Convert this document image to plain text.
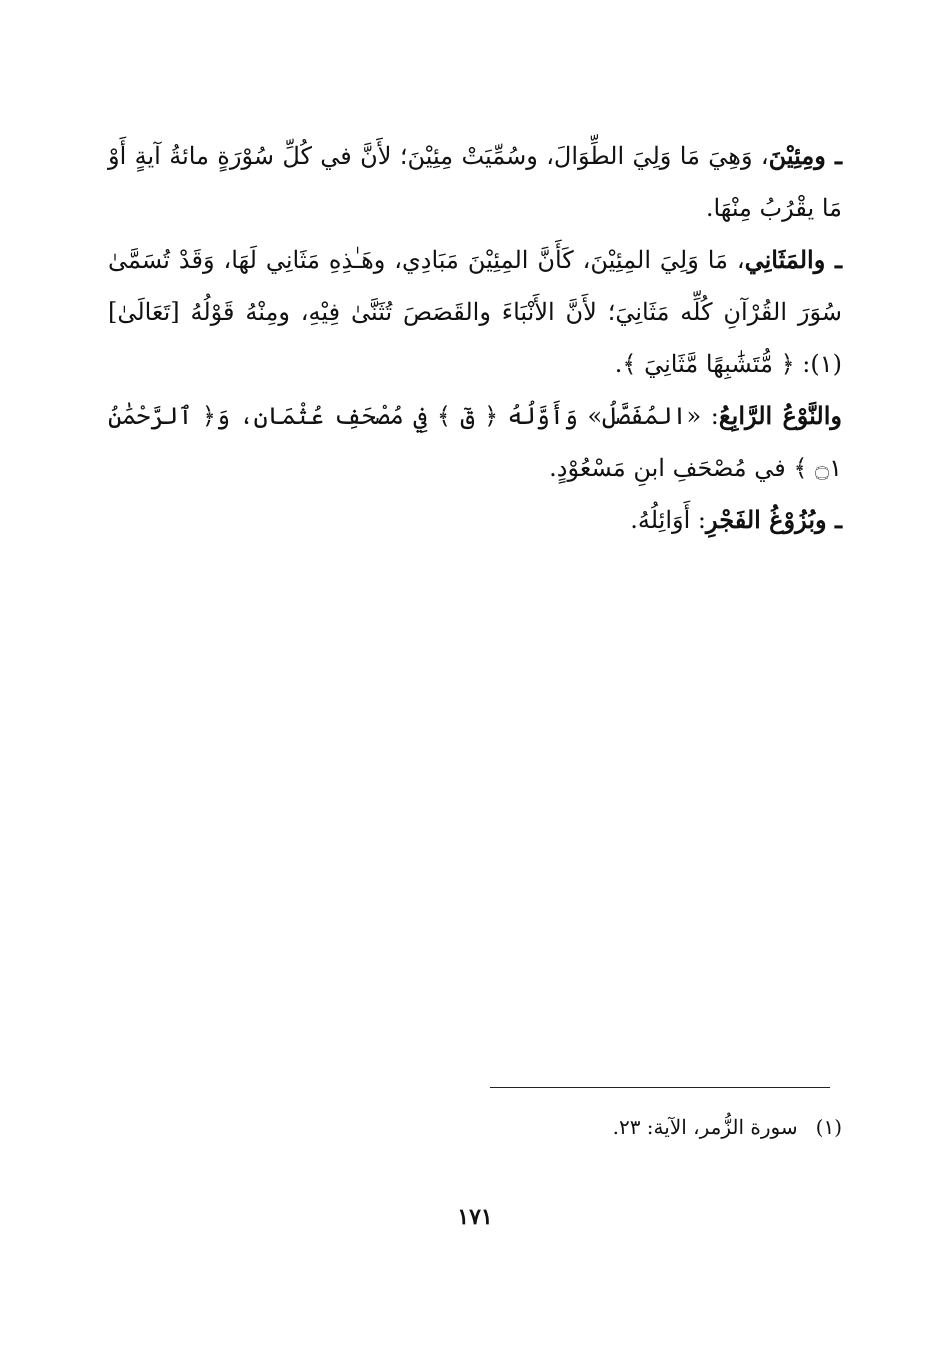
ـ ومِئِيْنَ، وَهِيَ مَا وَلِيَ الطِّوَالَ، وسُمِّيَتْ مِئِيْنَ؛ لأَنَّ في كُلِّ سُوْرَةٍ مائةُ آيةٍ أَوْ مَا يقْرُبُ مِنْهَا.

ـ والمَثَانِي، مَا وَلِيَ المِئِيْنَ، كَأَنَّ المِئِيْنَ مَبَادِي، وهَـٰذِهِ مَثَانِي لَهَا، وَقَدْ تُسَمَّىٰ سُوَرَ القُرْآنِ كُلِّه مَثَانِيَ؛ لأَنَّ الأَنْبَاءَ والقَصَصَ تُثَنَّىٰ فِيْهِ، ومِنْهُ قَوْلُهُ [تَعَالَىٰ](١): ﴿ مُّتَشَٰبِهًا مَّثَانِيَ ﴾.

والنَّوْعُ الرَّابِعُ: «المُفَصَّلُ» وَأَوَّلُهُ ﴿ قٓ ﴾ فِي مُصْحَفِ عُثْمَان، وَ﴿ ٱلرَّحْمَٰنُ ۝١ ﴾ في مُصْحَفِ ابنِ مَسْعُوْدٍ.

ـ وبُزُوْغُ الفَجْرِ: أَوَائِلُهُ.

(١)سورة الزُّمر، الآية: ٢٣.
١٧١
